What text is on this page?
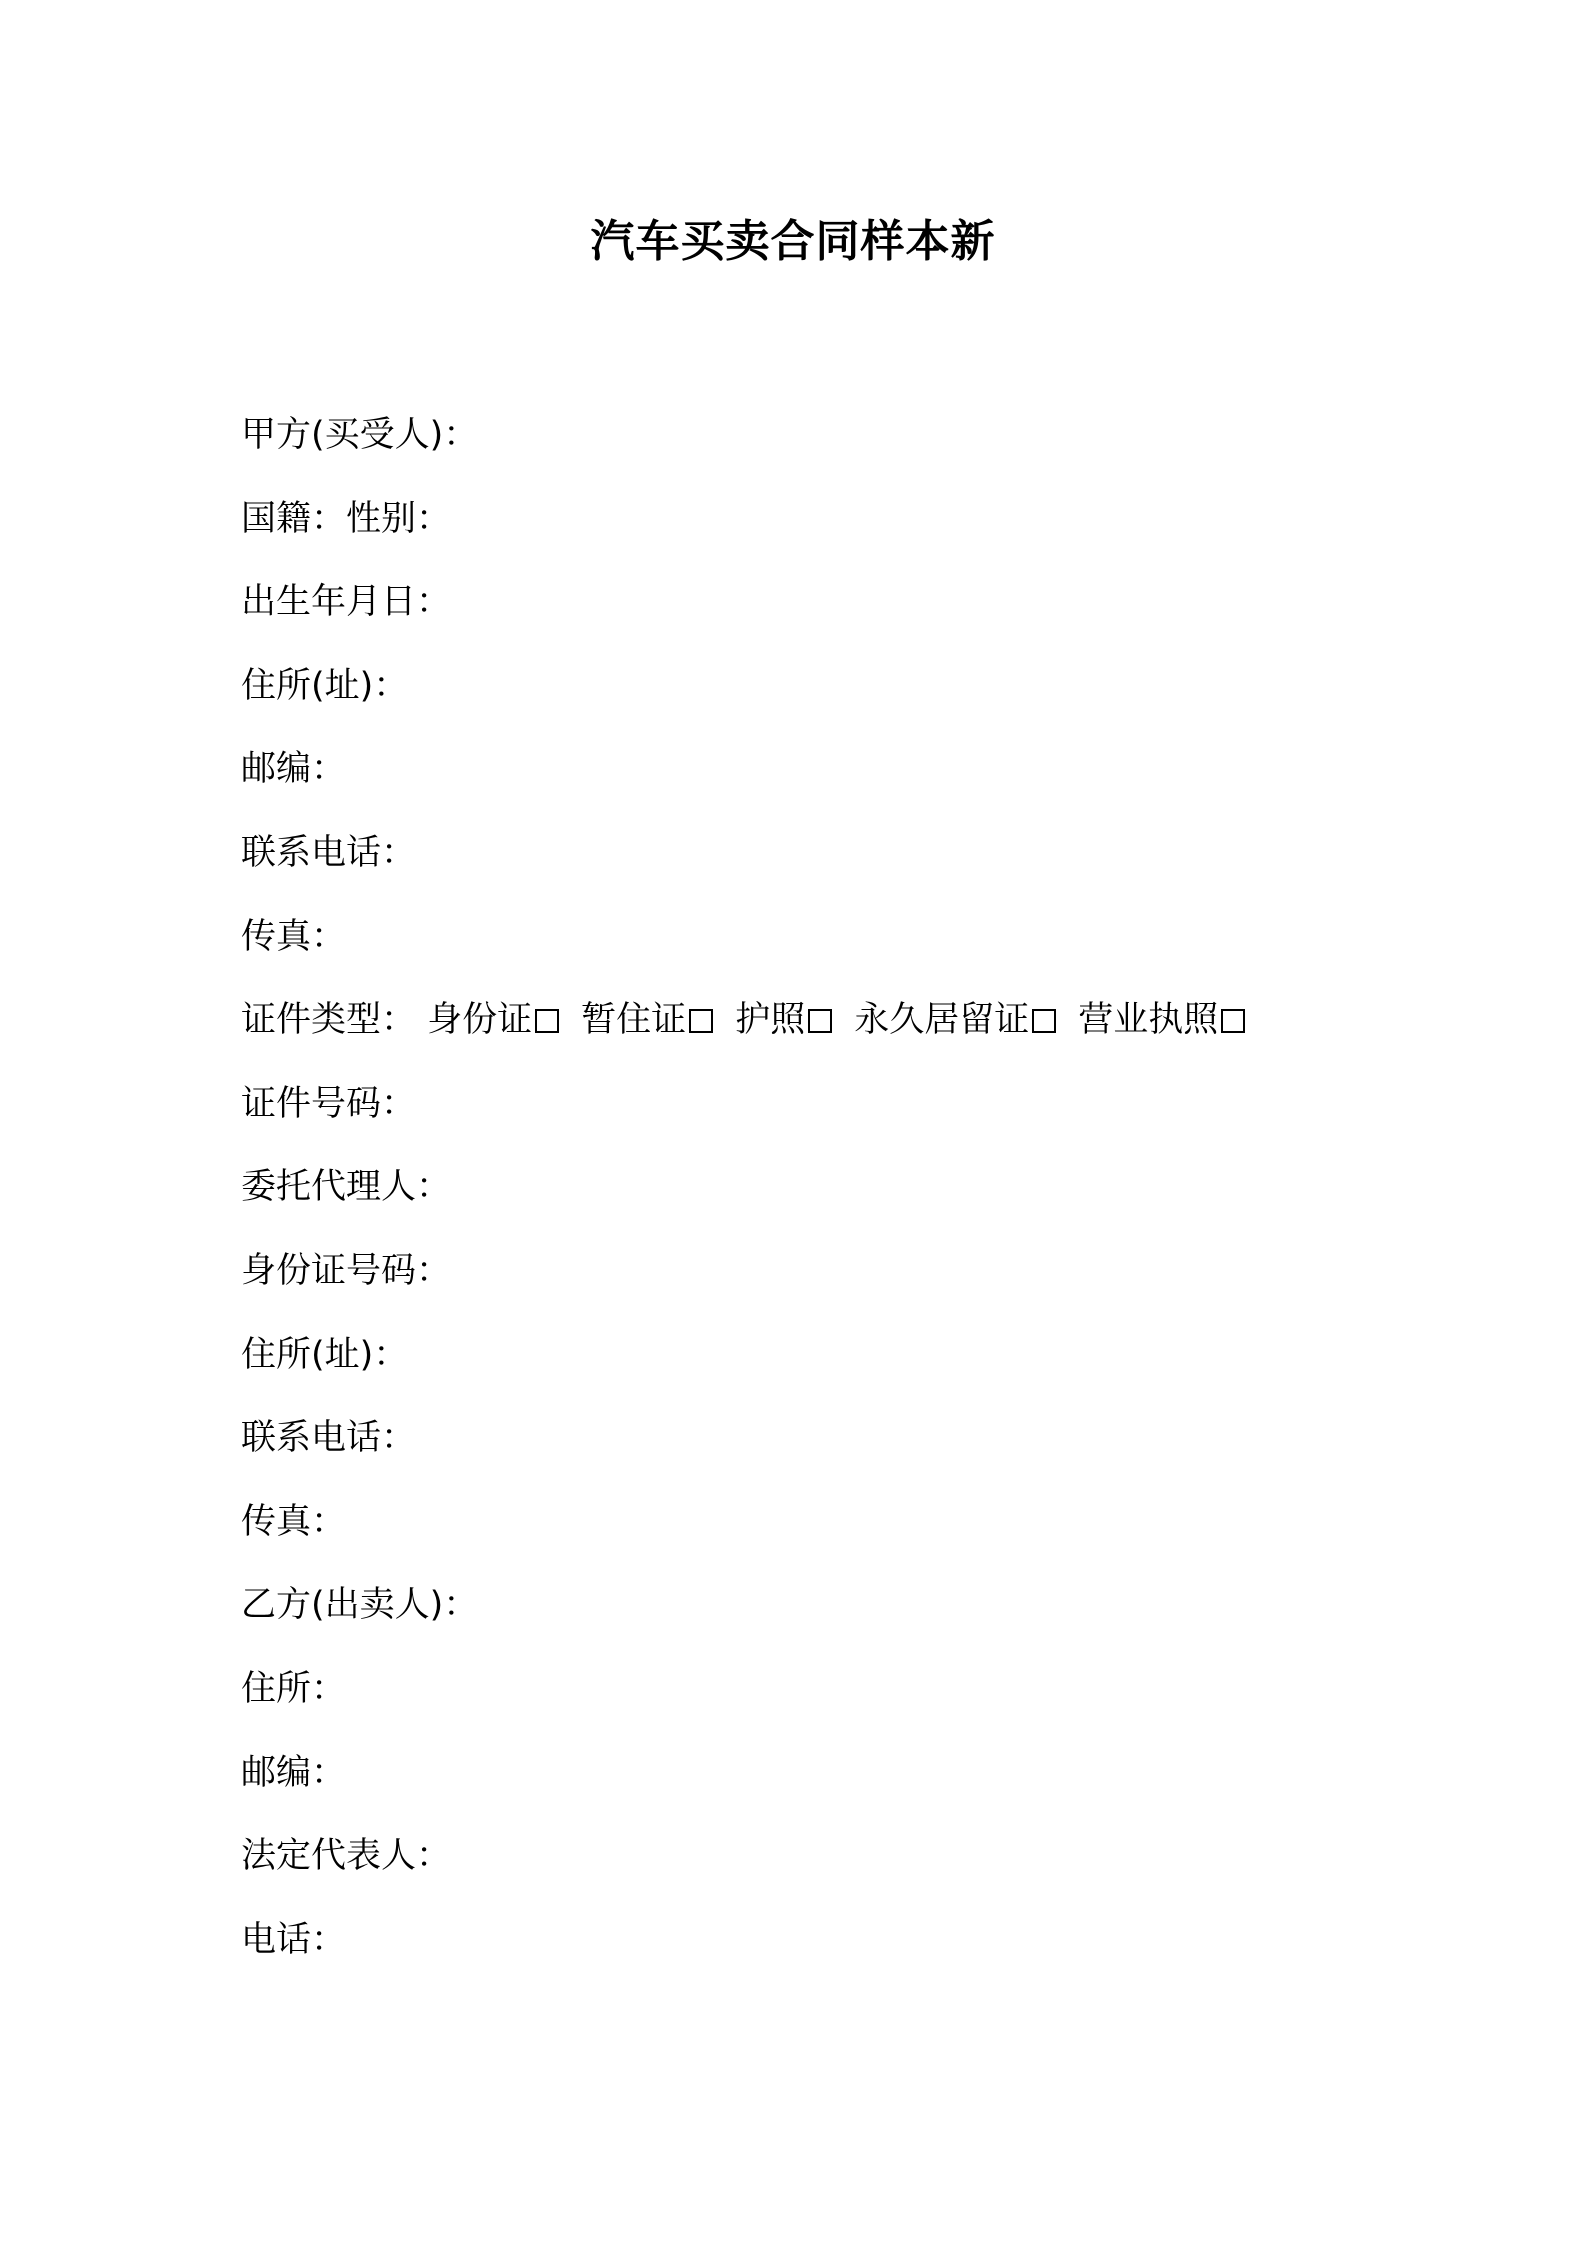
汽车买卖合同样本新
甲方(买受人)：
国籍：性别：
出生年月日：
住所(址)：
邮编：
联系电话：
传真：
证件类型： 身份证 暂住证 护照 永久居留证 营业执照
证件号码：
委托代理人：
身份证号码：
住所(址)：
联系电话：
传真：
乙方(出卖人)：
住所：
邮编：
法定代表人：
电话：
